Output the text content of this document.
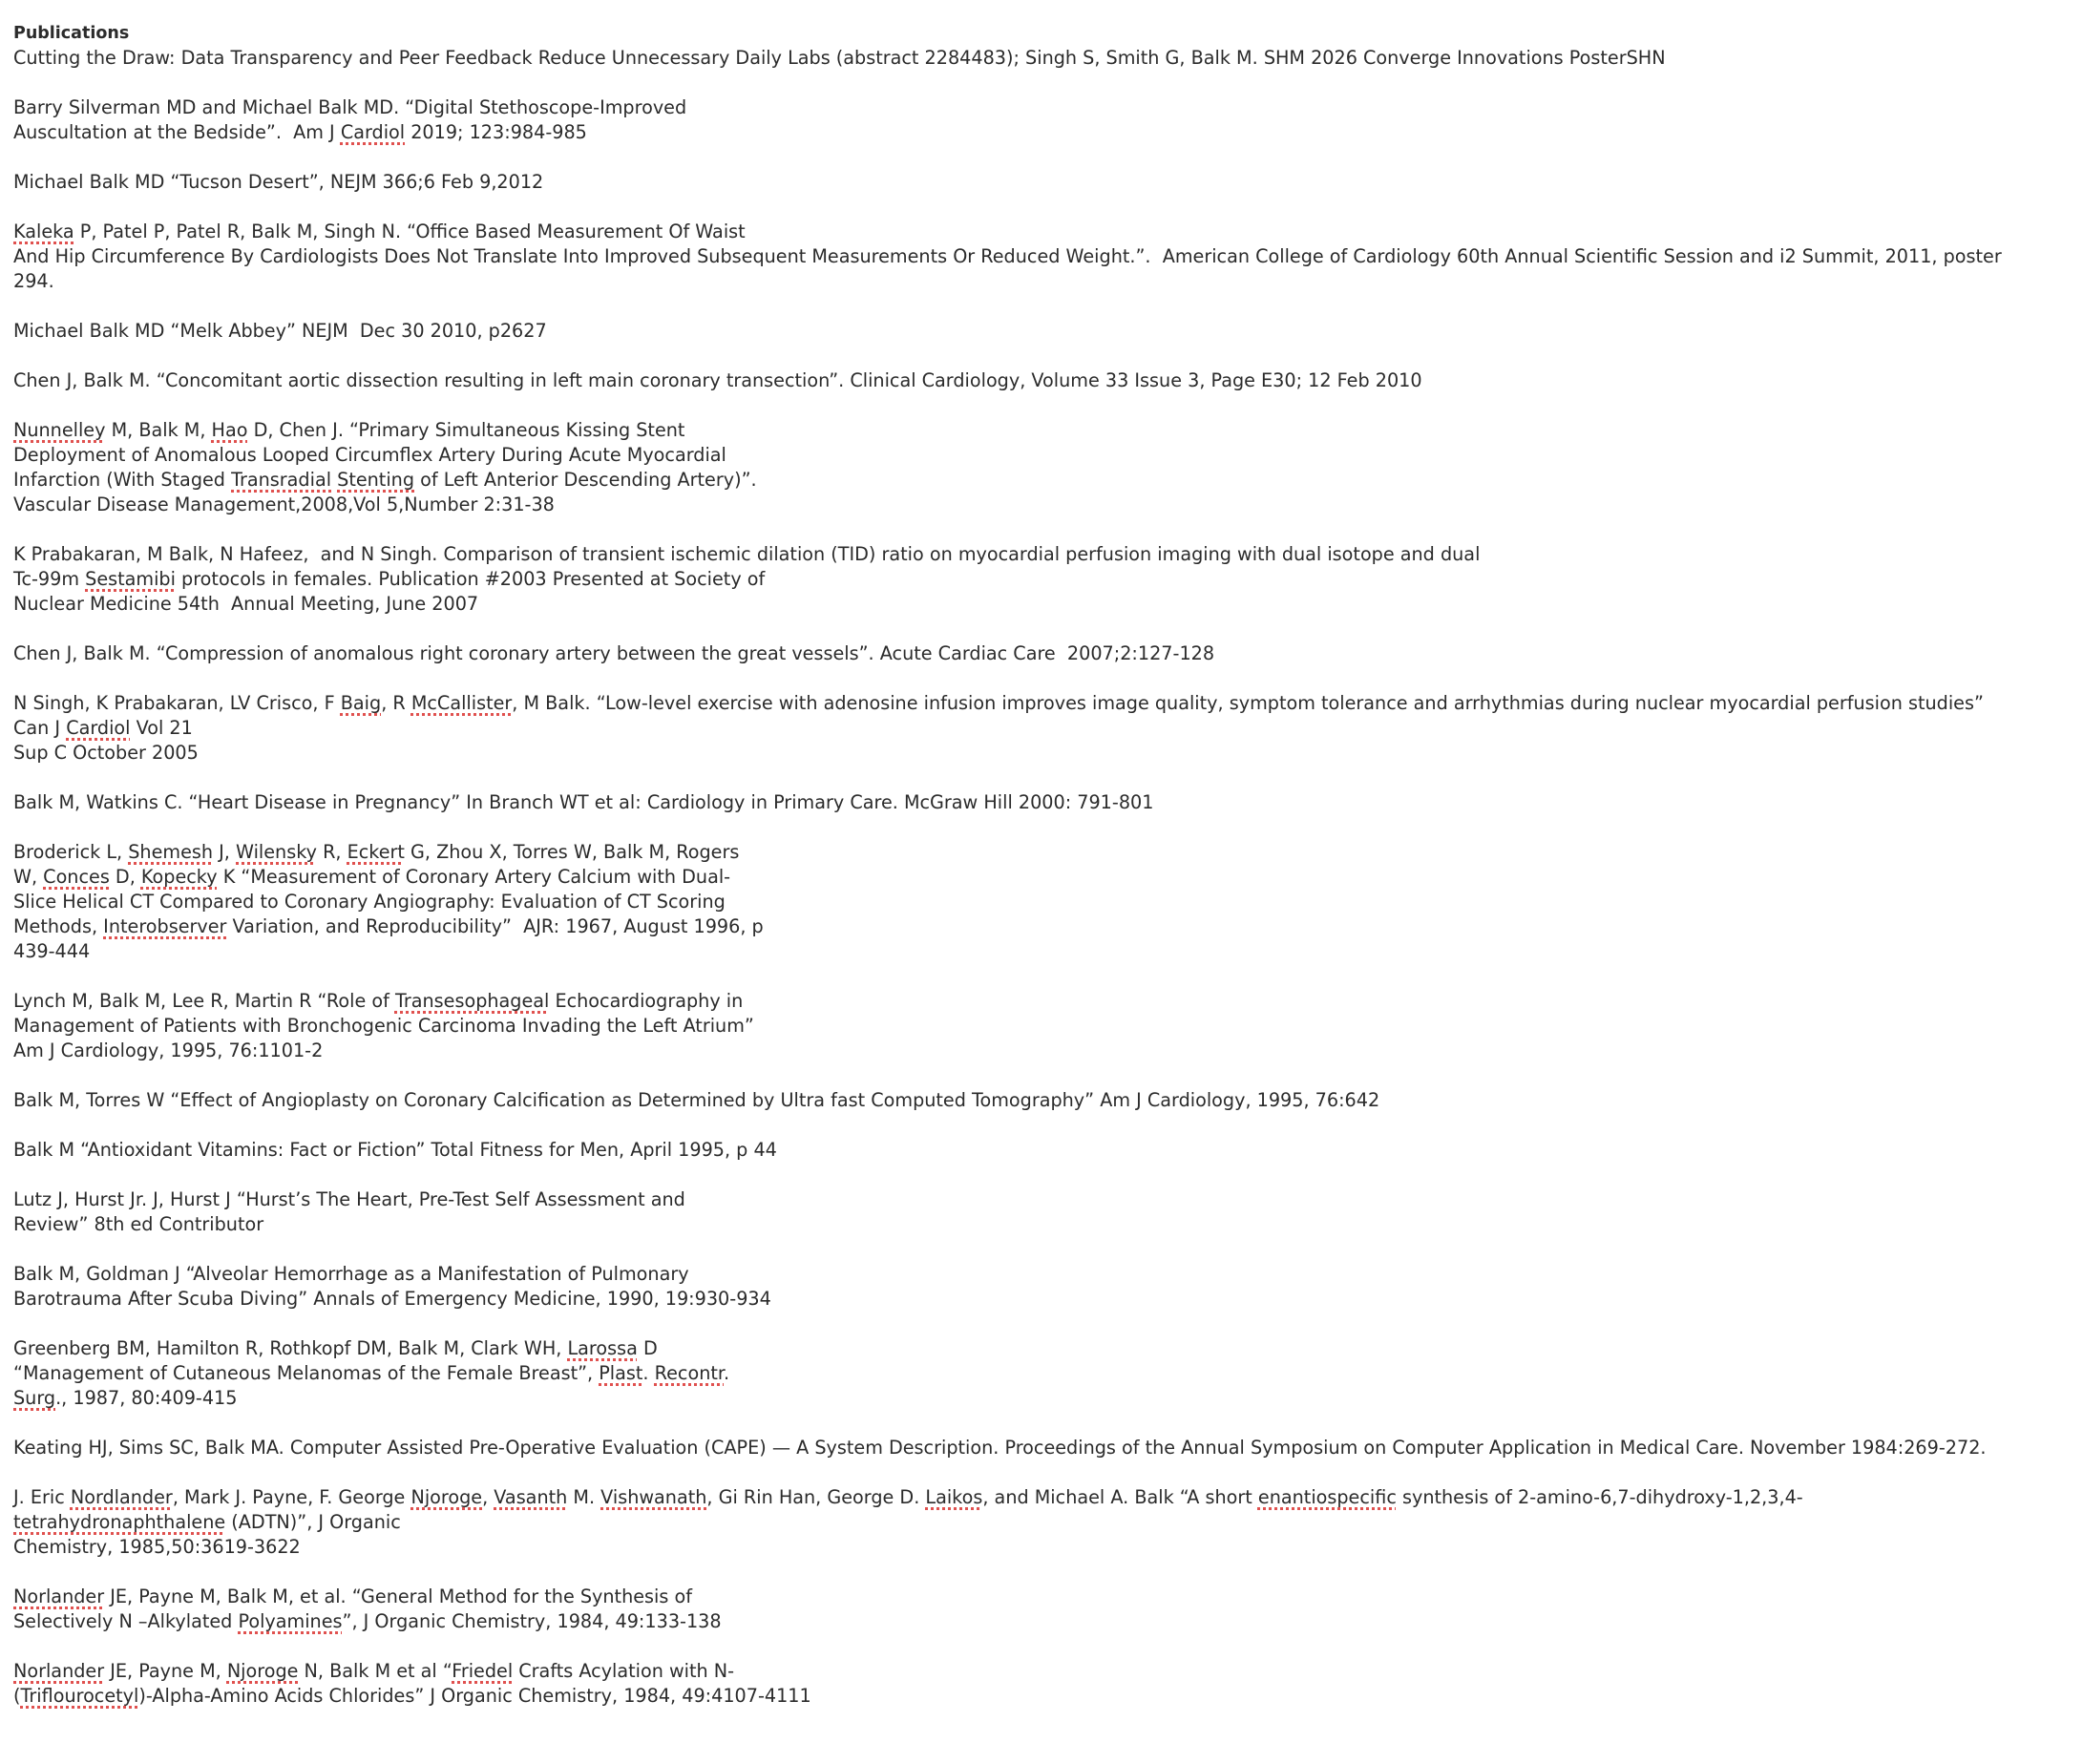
Publications
Cutting the Draw: Data Transparency and Peer Feedback Reduce Unnecessary Daily Labs (abstract 2284483); Singh S, Smith G, Balk M. SHM 2026 Converge Innovations PosterSHN
Barry Silverman MD and Michael Balk MD. “Digital Stethoscope-Improved
Auscultation at the Bedside”.  Am J Cardiol 2019; 123:984-985
Michael Balk MD “Tucson Desert”, NEJM 366;6 Feb 9,2012
Kaleka P, Patel P, Patel R, Balk M, Singh N. “Office Based Measurement Of Waist
And Hip Circumference By Cardiologists Does Not Translate Into Improved Subsequent Measurements Or Reduced Weight.”.  American College of Cardiology 60th Annual Scientific Session and i2 Summit, 2011, poster
294.
Michael Balk MD “Melk Abbey” NEJM  Dec 30 2010, p2627
Chen J, Balk M. “Concomitant aortic dissection resulting in left main coronary transection”. Clinical Cardiology, Volume 33 Issue 3, Page E30; 12 Feb 2010
Nunnelley M, Balk M, Hao D, Chen J. “Primary Simultaneous Kissing Stent
Deployment of Anomalous Looped Circumflex Artery During Acute Myocardial
Infarction (With Staged Transradial Stenting of Left Anterior Descending Artery)”.
Vascular Disease Management,2008,Vol 5,Number 2:31-38
K Prabakaran, M Balk, N Hafeez,  and N Singh. Comparison of transient ischemic dilation (TID) ratio on myocardial perfusion imaging with dual isotope and dual
Tc-99m Sestamibi protocols in females. Publication #2003 Presented at Society of
Nuclear Medicine 54th  Annual Meeting, June 2007
Chen J, Balk M. “Compression of anomalous right coronary artery between the great vessels”. Acute Cardiac Care  2007;2:127-128
N Singh, K Prabakaran, LV Crisco, F Baig, R McCallister, M Balk. “Low-level exercise with adenosine infusion improves image quality, symptom tolerance and arrhythmias during nuclear myocardial perfusion studies”
Can J Cardiol Vol 21
Sup C October 2005
Balk M, Watkins C. “Heart Disease in Pregnancy” In Branch WT et al: Cardiology in Primary Care. McGraw Hill 2000: 791-801
Broderick L, Shemesh J, Wilensky R, Eckert G, Zhou X, Torres W, Balk M, Rogers
W, Conces D, Kopecky K “Measurement of Coronary Artery Calcium with Dual-
Slice Helical CT Compared to Coronary Angiography: Evaluation of CT Scoring
Methods, Interobserver Variation, and Reproducibility”  AJR: 1967, August 1996, p
439-444
Lynch M, Balk M, Lee R, Martin R “Role of Transesophageal Echocardiography in
Management of Patients with Bronchogenic Carcinoma Invading the Left Atrium”
Am J Cardiology, 1995, 76:1101-2
Balk M, Torres W “Effect of Angioplasty on Coronary Calcification as Determined by Ultra fast Computed Tomography” Am J Cardiology, 1995, 76:642
Balk M “Antioxidant Vitamins: Fact or Fiction” Total Fitness for Men, April 1995, p 44
Lutz J, Hurst Jr. J, Hurst J “Hurst’s The Heart, Pre-Test Self Assessment and
Review” 8th ed Contributor
Balk M, Goldman J “Alveolar Hemorrhage as a Manifestation of Pulmonary
Barotrauma After Scuba Diving” Annals of Emergency Medicine, 1990, 19:930-934
Greenberg BM, Hamilton R, Rothkopf DM, Balk M, Clark WH, Larossa D
“Management of Cutaneous Melanomas of the Female Breast”, Plast. Recontr.
Surg., 1987, 80:409-415
Keating HJ, Sims SC, Balk MA. Computer Assisted Pre-Operative Evaluation (CAPE) — A System Description. Proceedings of the Annual Symposium on Computer Application in Medical Care. November 1984:269-272.
J. Eric Nordlander, Mark J. Payne, F. George Njoroge, Vasanth M. Vishwanath, Gi Rin Han, George D. Laikos, and Michael A. Balk “A short enantiospecific synthesis of 2-amino-6,7-dihydroxy-1,2,3,4-
tetrahydronaphthalene (ADTN)”, J Organic
Chemistry, 1985,50:3619-3622
Norlander JE, Payne M, Balk M, et al. “General Method for the Synthesis of
Selectively N –Alkylated Polyamines”, J Organic Chemistry, 1984, 49:133-138
Norlander JE, Payne M, Njoroge N, Balk M et al “Friedel Crafts Acylation with N-
(Triflourocetyl)-Alpha-Amino Acids Chlorides” J Organic Chemistry, 1984, 49:4107-4111
